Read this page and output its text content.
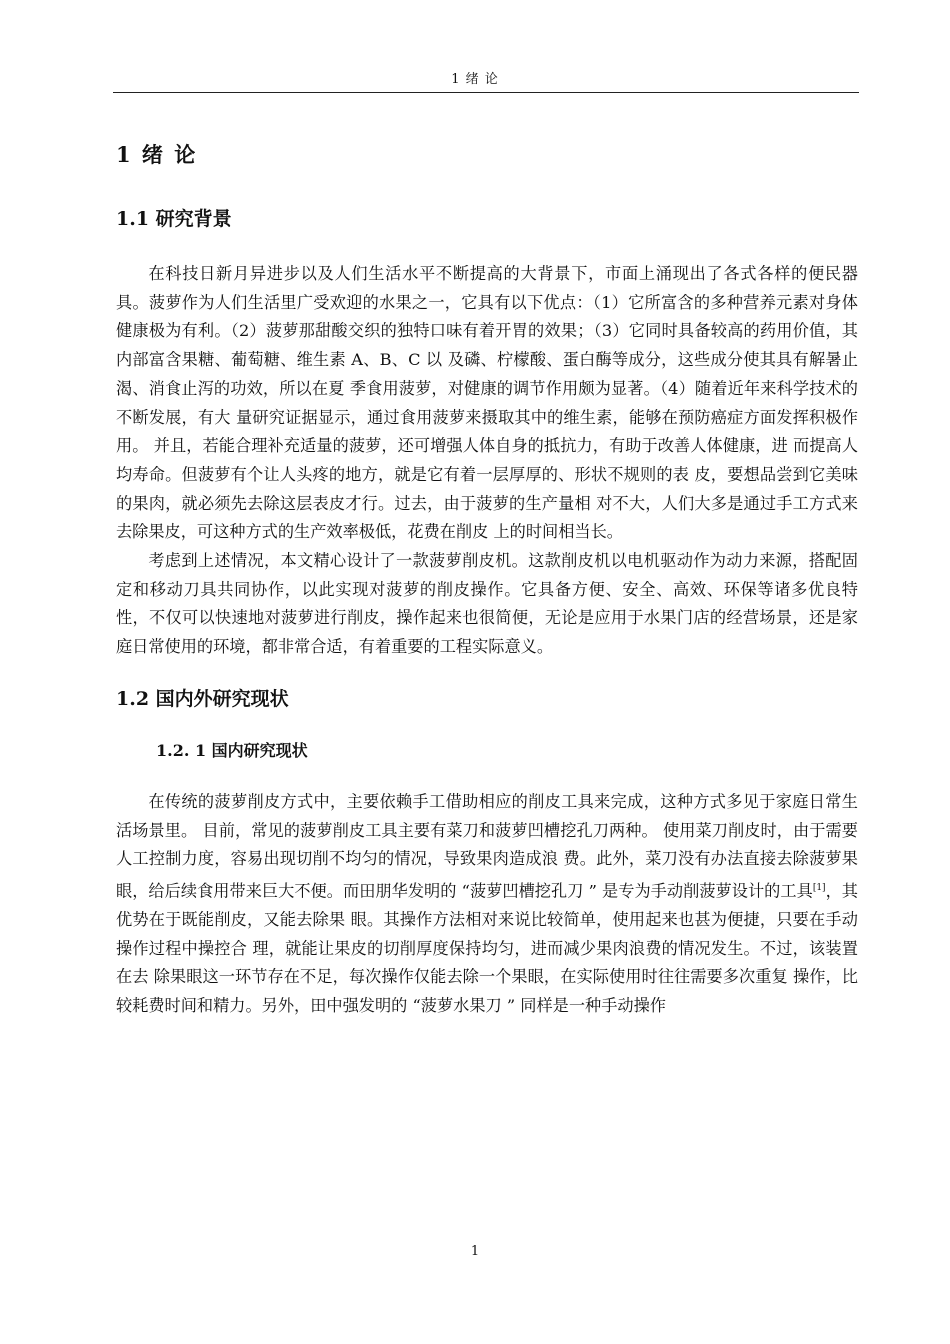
1 绪 论
1 绪 论
1.1 研究背景

在科技日新月异进步以及人们生活水平不断提高的大背景下，市面上涌现出了各式各样的便民器具。菠萝作为人们生活里广受欢迎的水果之一，它具有以下优点：（1）它所富含的多种营养元素对身体健康极为有利。（2）菠萝那甜酸交织的独特口味有着开胃的效果；（3）它同时具备较高的药用价值，其内部富含果糖、葡萄糖、维生素 A、B、C 以 及磷、柠檬酸、蛋白酶等成分，这些成分使其具有解暑止渴、消食止泻的功效，所以在夏 季食用菠萝，对健康的调节作用颇为显著。（4）随着近年来科学技术的不断发展，有大 量研究证据显示，通过食用菠萝来摄取其中的维生素，能够在预防癌症方面发挥积极作用。 并且，若能合理补充适量的菠萝，还可增强人体自身的抵抗力，有助于改善人体健康，进 而提高人均寿命。但菠萝有个让人头疼的地方，就是它有着一层厚厚的、形状不规则的表 皮，要想品尝到它美味的果肉，就必须先去除这层表皮才行。过去，由于菠萝的生产量相 对不大，人们大多是通过手工方式来去除果皮，可这种方式的生产效率极低，花费在削皮 上的时间相当长。

考虑到上述情况，本文精心设计了一款菠萝削皮机。这款削皮机以电机驱动作为动力来源，搭配固定和移动刀具共同协作，以此实现对菠萝的削皮操作。它具备方便、安全、高效、环保等诸多优良特性，不仅可以快速地对菠萝进行削皮，操作起来也很简便，无论是应用于水果门店的经营场景，还是家庭日常使用的环境，都非常合适，有着重要的工程实际意义。

1.2 国内外研究现状
1.2. 1 国内研究现状

在传统的菠萝削皮方式中，主要依赖手工借助相应的削皮工具来完成，这种方式多见于家庭日常生活场景里。 目前，常见的菠萝削皮工具主要有菜刀和菠萝凹槽挖孔刀两种。 使用菜刀削皮时，由于需要人工控制力度，容易出现切削不均匀的情况，导致果肉造成浪 费。此外，菜刀没有办法直接去除菠萝果眼，给后续食用带来巨大不便。而田朋华发明的 “菠萝凹槽挖孔刀 ” 是专为手动削菠萝设计的工具[1]，其优势在于既能削皮，又能去除果 眼。其操作方法相对来说比较简单，使用起来也甚为便捷，只要在手动操作过程中操控合 理，就能让果皮的切削厚度保持均匀，进而减少果肉浪费的情况发生。不过，该装置在去 除果眼这一环节存在不足，每次操作仅能去除一个果眼，在实际使用时往往需要多次重复 操作，比较耗费时间和精力。另外，田中强发明的 “菠萝水果刀 ” 同样是一种手动操作

1
